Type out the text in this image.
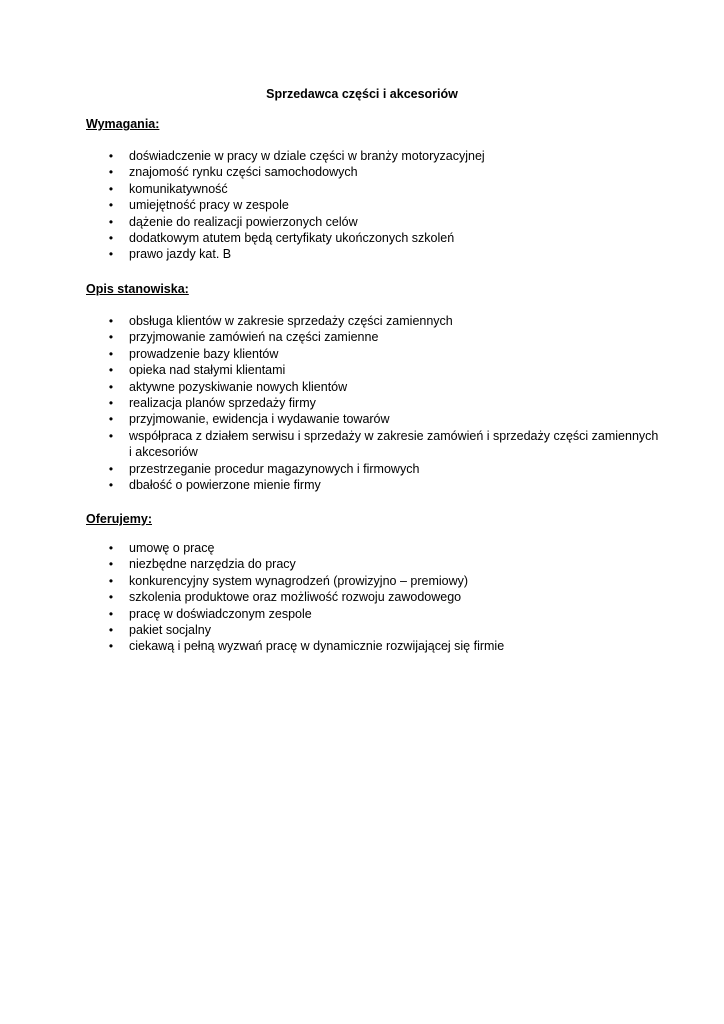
Sprzedawca części i akcesoriów
Wymagania:
• doświadczenie w pracy w dziale części w branży motoryzacyjnej
• znajomość rynku części samochodowych
• komunikatywność
• umiejętność pracy w zespole
• dążenie do realizacji powierzonych celów
• dodatkowym atutem będą certyfikaty ukończonych szkoleń
• prawo jazdy kat. B
Opis stanowiska:
• obsługa klientów w zakresie sprzedaży części zamiennych
• przyjmowanie zamówień na części zamienne
• prowadzenie bazy klientów
• opieka nad stałymi klientami
• aktywne pozyskiwanie nowych klientów
• realizacja planów sprzedaży firmy
• przyjmowanie, ewidencja i wydawanie towarów
• współpraca z działem serwisu i sprzedaży w zakresie zamówień i sprzedaży części zamiennych i akcesoriów
• przestrzeganie procedur magazynowych i firmowych
• dbałość o powierzone mienie firmy
Oferujemy:
• umowę o pracę
• niezbędne narzędzia do pracy
• konkurencyjny system wynagrodzeń (prowizyjno – premiowy)
• szkolenia produktowe oraz możliwość rozwoju zawodowego
• pracę w doświadczonym zespole
• pakiet socjalny
• ciekawą i pełną wyzwań pracę w dynamicznie rozwijającej się firmie
